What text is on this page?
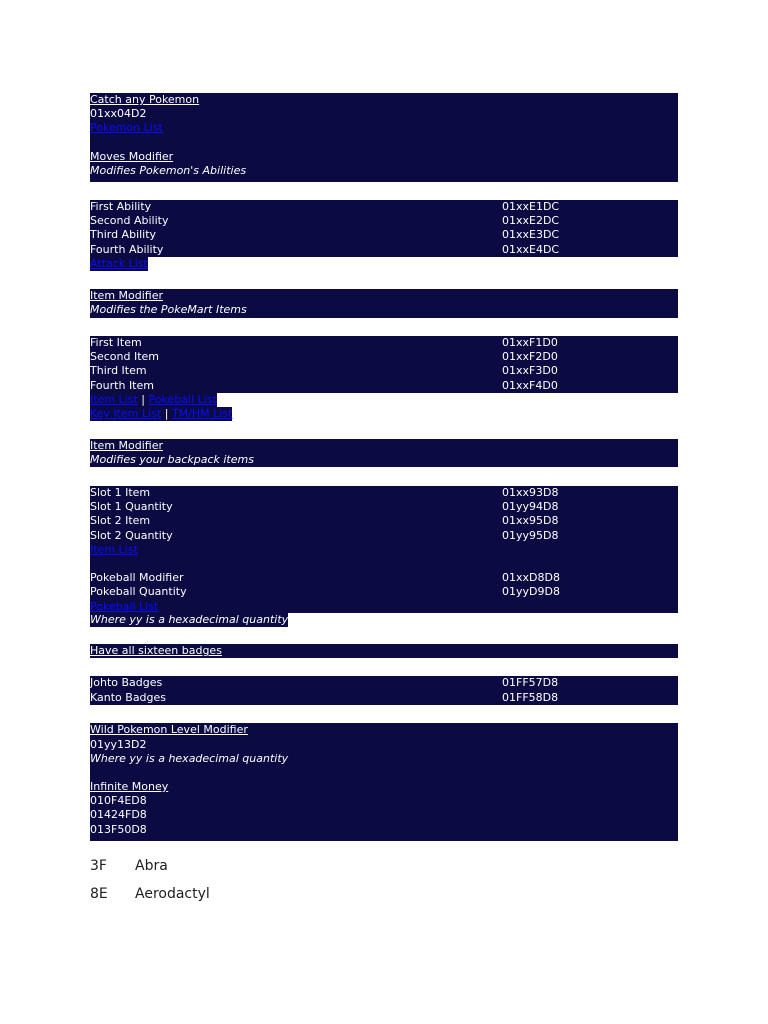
Catch any Pokemon
01xx04D2
Pokemon List
Moves Modifier
Modifies Pokemon's Abilities
First Ability	01xxE1DC
Second Ability	01xxE2DC
Third Ability	01xxE3DC
Fourth Ability	01xxE4DC
Attack List
Item Modifier
Modifies the PokeMart Items
First Item	01xxF1D0
Second Item	01xxF2D0
Third Item	01xxF3D0
Fourth Item	01xxF4D0
Item List | Pokeball List
Key Item List | TM/HM List
Item Modifier
Modifies your backpack items
Slot 1 Item	01xx93D8
Slot 1 Quantity	01yy94D8
Slot 2 Item	01xx95D8
Slot 2 Quantity	01yy95D8
Item List
Pokeball Modifier	01xxD8D8
Pokeball Quantity	01yyD9D8
Pokeball List
Where yy is a hexadecimal quantity
Have all sixteen badges
Johto Badges	01FF57D8
Kanto Badges	01FF58D8
Wild Pokemon Level Modifier
01yy13D2
Where yy is a hexadecimal quantity
Infinite Money
010F4ED8
01424FD8
013F50D8
3F	Abra
8E	Aerodactyl
